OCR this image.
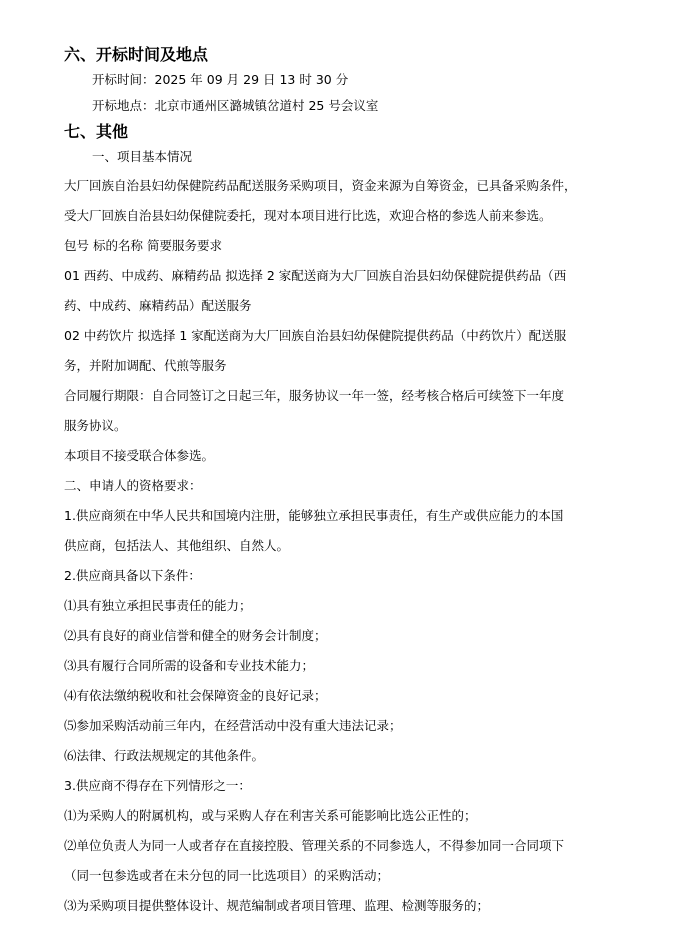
六、开标时间及地点
开标时间：2025 年 09 月 29 日 13 时 30 分
开标地点：北京市通州区潞城镇岔道村 25 号会议室
七、其他
一、项目基本情况
大厂回族自治县妇幼保健院药品配送服务采购项目，资金来源为自筹资金，已具备采购条件，
受大厂回族自治县妇幼保健院委托，现对本项目进行比选，欢迎合格的参选人前来参选。
包号 标的名称 简要服务要求
01 西药、中成药、麻精药品 拟选择 2 家配送商为大厂回族自治县妇幼保健院提供药品（西
药、中成药、麻精药品）配送服务
02 中药饮片 拟选择 1 家配送商为大厂回族自治县妇幼保健院提供药品（中药饮片）配送服
务，并附加调配、代煎等服务
合同履行期限：自合同签订之日起三年，服务协议一年一签，经考核合格后可续签下一年度
服务协议。
本项目不接受联合体参选。
二、申请人的资格要求：
1.供应商须在中华人民共和国境内注册，能够独立承担民事责任，有生产或供应能力的本国
供应商，包括法人、其他组织、自然人。
2.供应商具备以下条件：
⑴具有独立承担民事责任的能力；
⑵具有良好的商业信誉和健全的财务会计制度；
⑶具有履行合同所需的设备和专业技术能力；
⑷有依法缴纳税收和社会保障资金的良好记录；
⑸参加采购活动前三年内，在经营活动中没有重大违法记录；
⑹法律、行政法规规定的其他条件。
3.供应商不得存在下列情形之一：
⑴为采购人的附属机构，或与采购人存在利害关系可能影响比选公正性的；
⑵单位负责人为同一人或者存在直接控股、管理关系的不同参选人，不得参加同一合同项下
（同一包参选或者在未分包的同一比选项目）的采购活动；
⑶为采购项目提供整体设计、规范编制或者项目管理、监理、检测等服务的；
